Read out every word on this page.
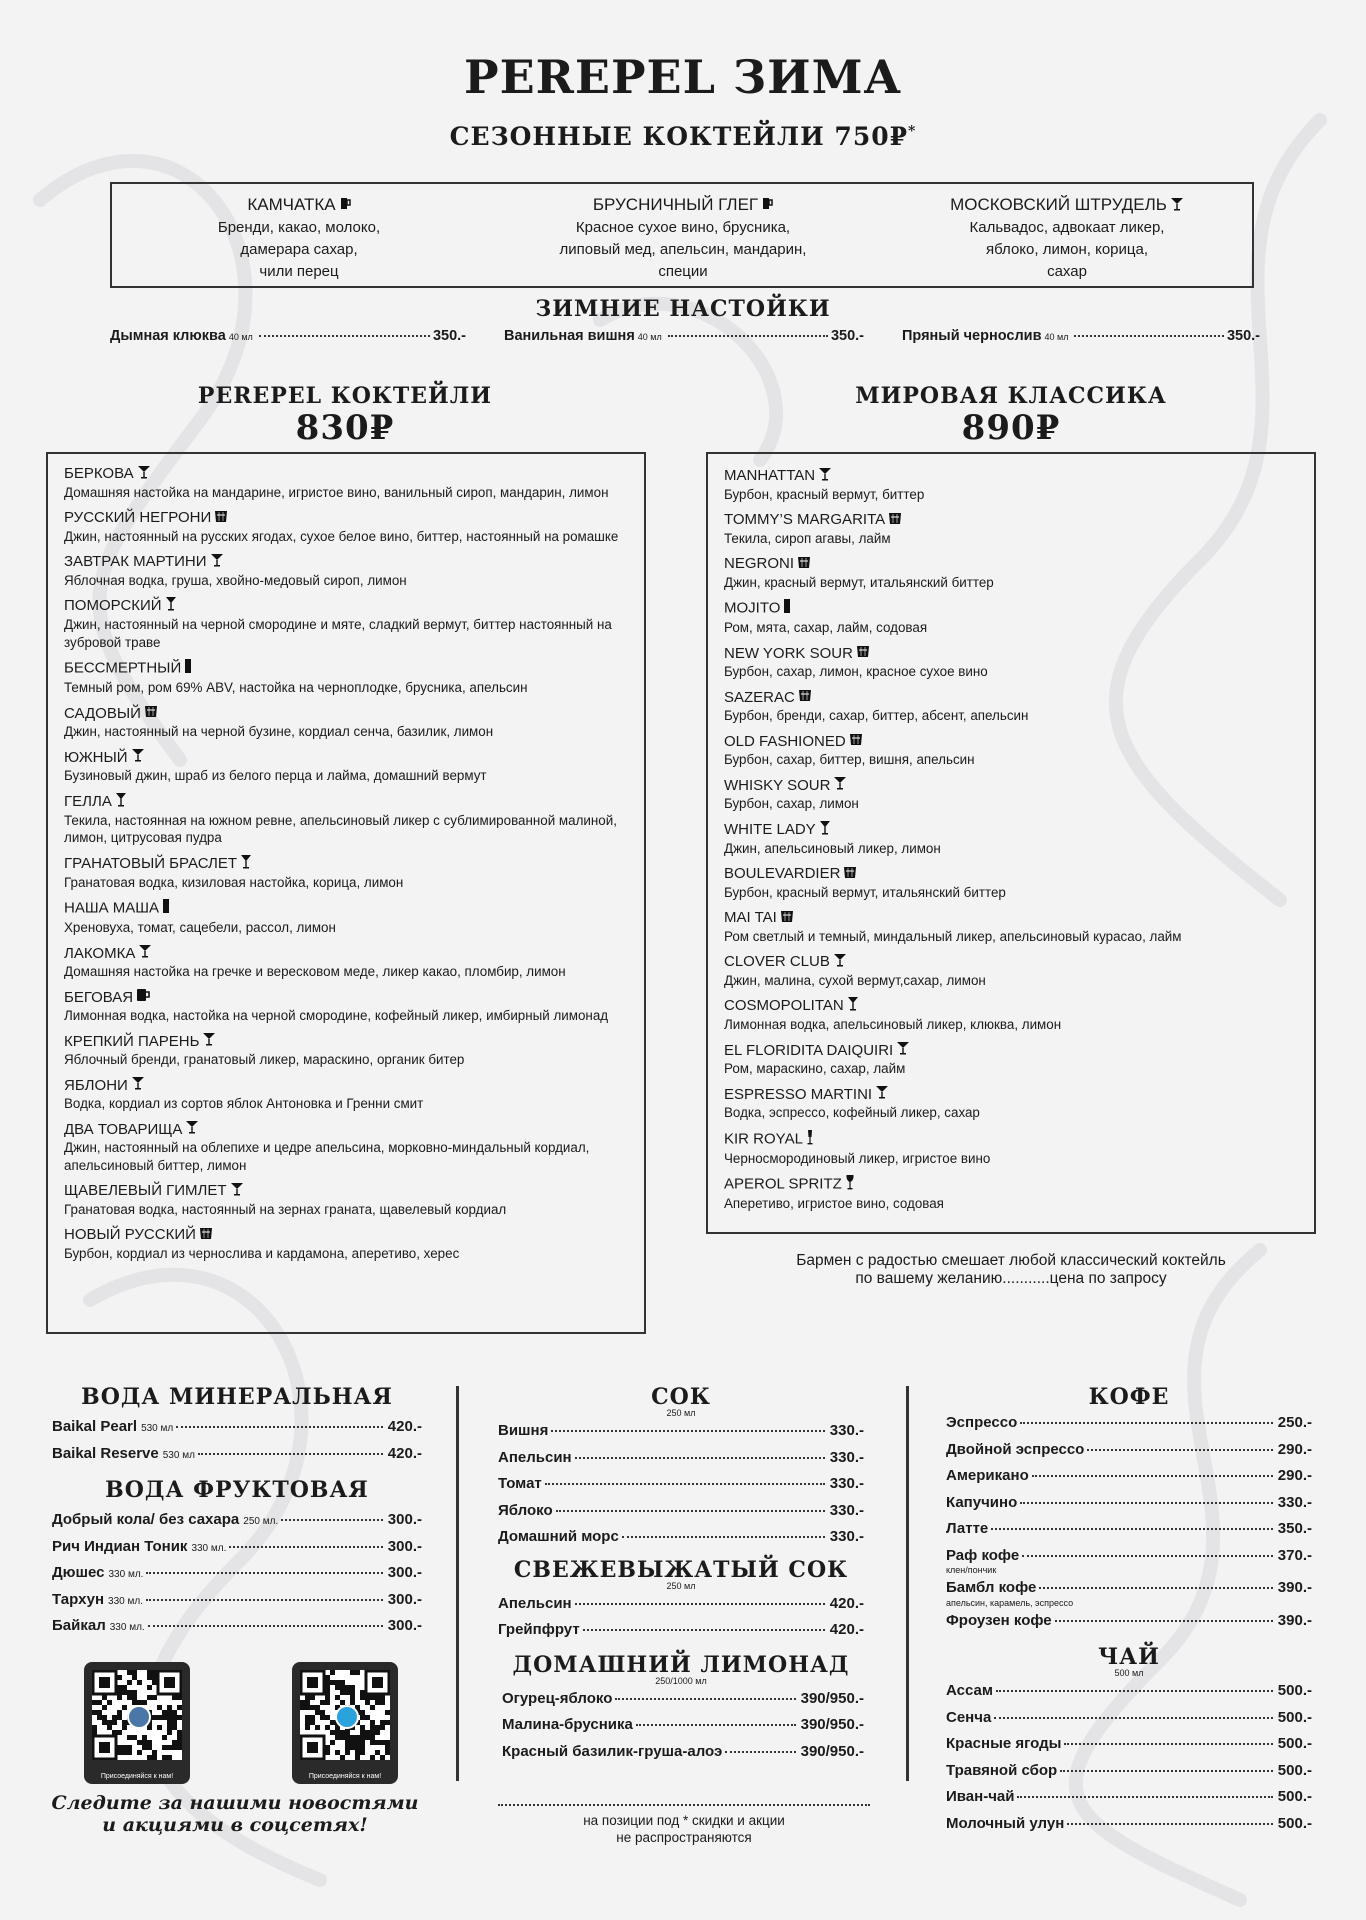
PEREPEL ЗИМА
СЕЗОННЫЕ КОКТЕЙЛИ 750₽*
КАМЧАТКА
Бренди, какао, молоко,
дамерара сахар,
чили перец
БРУСНИЧНЫЙ ГЛЕГ
Красное сухое вино, брусника,
липовый мед, апельсин, мандарин,
специи
МОСКОВСКИЙ ШТРУДЕЛЬ
Кальвадос, адвокаат ликер,
яблоко, лимон, корица,
сахар
ЗИМНИЕ НАСТОЙКИ
Дымная клюква 40 мл	350.-	Ванильная вишня 40 мл	350.-	Пряный чернослив 40 мл	350.-
PEREPEL КОКТЕЙЛИ
830₽
БЕРКОВА
Домашняя настойка на мандарине, игристое вино, ванильный сироп, мандарин, лимон
РУССКИЙ НЕГРОНИ
Джин, настоянный на русских ягодах, сухое белое вино, биттер, настоянный на ромашке
ЗАВТРАК МАРТИНИ
Яблочная водка, груша, хвойно-медовый сироп, лимон
ПОМОРСКИЙ
Джин, настоянный на черной смородине и мяте, сладкий вермут, биттер настоянный на зубровой траве
БЕССМЕРТНЫЙ
Темный ром, ром 69% ABV, настойка на черноплодке, брусника, апельсин
САДОВЫЙ
Джин, настоянный на черной бузине, кордиал сенча, базилик, лимон
ЮЖНЫЙ
Бузиновый джин, шраб из белого перца и лайма, домашний вермут
ГЕЛЛА
Текила, настоянная на южном ревне, апельсиновый ликер с сублимированной малиной, лимон, цитрусовая пудра
ГРАНАТОВЫЙ БРАСЛЕТ
Гранатовая водка, кизиловая настойка, корица, лимон
НАША МАША
Хреновуха, томат, сацебели, рассол, лимон
ЛАКОМКА
Домашняя настойка на гречке и вересковом меде, ликер какао, пломбир, лимон
БЕГОВАЯ
Лимонная водка, настойка на черной смородине, кофейный ликер, имбирный лимонад
КРЕПКИЙ ПАРЕНЬ
Яблочный бренди, гранатовый ликер, мараскино, органик битер
ЯБЛОНИ
Водка, кордиал из сортов яблок Антоновка и Гренни смит
ДВА ТОВАРИЩА
Джин, настоянный на облепихе и цедре апельсина, морковно-миндальный кордиал, апельсиновый биттер, лимон
ЩАВЕЛЕВЫЙ ГИМЛЕТ
Гранатовая водка, настоянный на зернах граната, щавелевый кордиал
НОВЫЙ РУССКИЙ
Бурбон, кордиал из чернослива и кардамона, аперетиво, херес
МИРОВАЯ КЛАССИКА
890₽
MANHATTAN
Бурбон, красный вермут, биттер
TOMMY’S MARGARITA
Текила, сироп агавы, лайм
NEGRONI
Джин, красный вермут, итальянский биттер
MOJITO
Ром, мята, сахар, лайм, содовая
NEW YORK SOUR
Бурбон, сахар, лимон, красное сухое вино
SAZERAC
Бурбон, бренди, сахар, биттер, абсент, апельсин
OLD FASHIONED
Бурбон, сахар, биттер, вишня, апельсин
WHISKY SOUR
Бурбон, сахар, лимон
WHITE LADY
Джин, апельсиновый ликер, лимон
BOULEVARDIER
Бурбон, красный вермут, итальянский биттер
MAI TAI
Ром светлый и темный, миндальный ликер, апельсиновый курасао, лайм
CLOVER CLUB
Джин, малина, сухой вермут,сахар, лимон
COSMOPOLITAN
Лимонная водка, апельсиновый ликер, клюква, лимон
EL FLORIDITA DAIQUIRI
Ром, мараскино, сахар, лайм
ESPRESSO MARTINI
Водка, эспрессо, кофейный ликер, сахар
KIR ROYAL
Черносмородиновый ликер, игристое вино
APEROL SPRITZ
Аперетиво, игристое вино, содовая
Бармен с радостью смешает любой классический коктейль
по вашему желанию...........цена по запросу
ВОДА МИНЕРАЛЬНАЯ
Baikal Pearl 530 мл	420.-
Baikal Reserve 530 мл	420.-
ВОДА ФРУКТОВАЯ
Добрый кола/ без сахара 250 мл.	300.-
Рич Индиан Тоник 330 мл.	300.-
Дюшес 330 мл.	300.-
Тархун 330 мл.	300.-
Байкал 330 мл.	300.-
Присоединяйся к нам!	Присоединяйся к нам!
Следите за нашими новостями
и акциями в соцсетях!
СОК
250 мл
Вишня	330.-
Апельсин	330.-
Томат	330.-
Яблоко	330.-
Домашний морс	330.-
СВЕЖЕВЫЖАТЫЙ СОК
250 мл
Апельсин	420.-
Грейпфрут	420.-
ДОМАШНИЙ ЛИМОНАД
250/1000 мл
Огурец-яблоко	390/950.-
Малина-брусника	390/950.-
Красный базилик-груша-алоэ	390/950.-
на позиции под * скидки и акции
не распространяются
КОФЕ
Эспрессо	250.-
Двойной эспрессо	290.-
Американо	290.-
Капучино	330.-
Латте	350.-
Раф кофе	370.-
клен/пончик
Бамбл кофе	390.-
апельсин, карамель, эспрессо
Фроузен кофе	390.-
ЧАЙ
500 мл
Ассам	500.-
Сенча	500.-
Красные ягоды	500.-
Травяной сбор	500.-
Иван-чай	500.-
Молочный улун	500.-
